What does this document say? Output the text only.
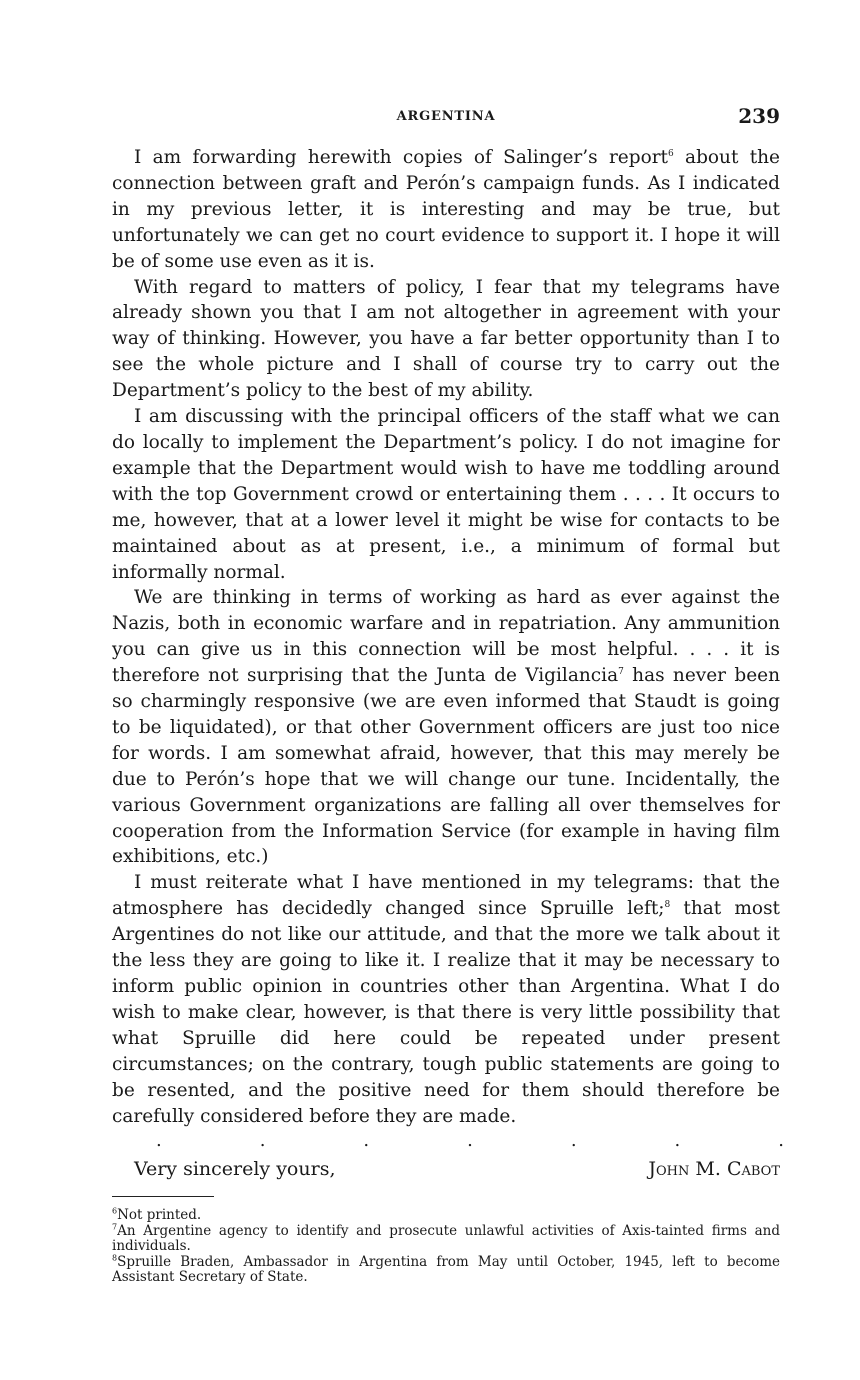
ARGENTINA	239

I am forwarding herewith copies of Salinger’s report$^6$ about the connection between graft and Perón’s campaign funds. As I indicated in my previous letter, it is interesting and may be true, but unfortunately we can get no court evidence to support it. I hope it will be of some use even as it is.

With regard to matters of policy, I fear that my telegrams have already shown you that I am not altogether in agreement with your way of thinking. However, you have a far better opportunity than I to see the whole picture and I shall of course try to carry out the Department’s policy to the best of my ability.

I am discussing with the principal officers of the staff what we can do locally to implement the Department’s policy. I do not imagine for example that the Department would wish to have me toddling around with the top Government crowd or entertaining them . . . . It occurs to me, however, that at a lower level it might be wise for contacts to be maintained about as at present, i.e., a minimum of formal but informally normal.

We are thinking in terms of working as hard as ever against the Nazis, both in economic warfare and in repatriation. Any ammunition you can give us in this connection will be most helpful. . . . it is therefore not surprising that the Junta de Vigilancia$^7$ has never been so charmingly responsive (we are even informed that Staudt is going to be liquidated), or that other Government officers are just too nice for words. I am somewhat afraid, however, that this may merely be due to Perón’s hope that we will change our tune. Incidentally, the various Government organizations are falling all over themselves for cooperation from the Information Service (for example in having film exhibitions, etc.)

I must reiterate what I have mentioned in my telegrams: that the atmosphere has decidedly changed since Spruille left;$^8$ that most Argentines do not like our attitude, and that the more we talk about it the less they are going to like it. I realize that it may be necessary to inform public opinion in countries other than Argentina. What I do wish to make clear, however, is that there is very little possibility that what Spruille did here could be repeated under present circumstances; on the contrary, tough public statements are going to be resented, and the positive need for them should therefore be carefully considered before they are made.

.	.	.	.	.	.	.
Very sincerely yours,	John M. Cabot

$^6$Not printed.

$^7$An Argentine agency to identify and prosecute unlawful activities of Axis-tainted firms and individuals.

$^8$Spruille Braden, Ambassador in Argentina from May until October, 1945, left to become Assistant Secretary of State.
